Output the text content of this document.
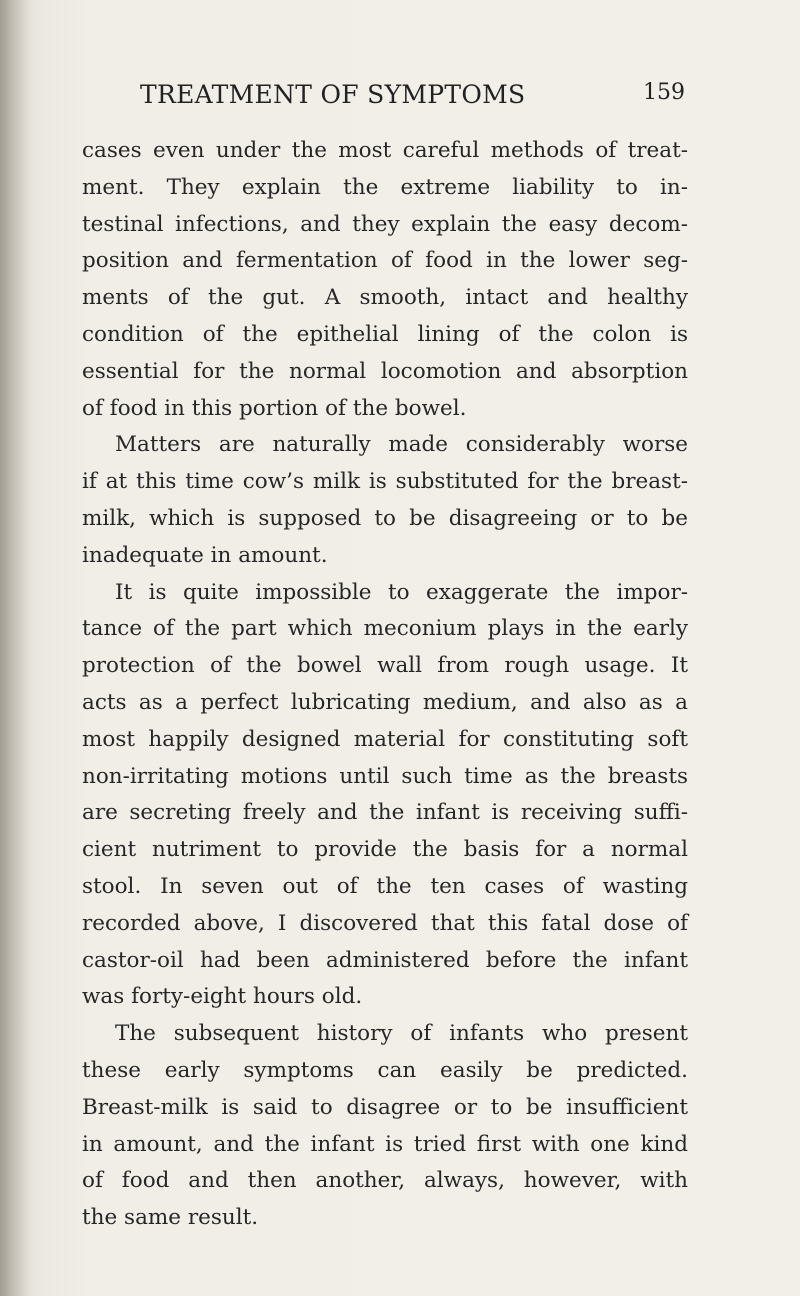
TREATMENT OF SYMPTOMS	159
cases even under the most careful methods of treat-
ment. They explain the extreme liability to in-
testinal infections, and they explain the easy decom-
position and fermentation of food in the lower seg-
ments of the gut. A smooth, intact and healthy
condition of the epithelial lining of the colon is
essential for the normal locomotion and absorption
of food in this portion of the bowel.
Matters are naturally made considerably worse
if at this time cow’s milk is substituted for the breast-
milk, which is supposed to be disagreeing or to be
inadequate in amount.
It is quite impossible to exaggerate the impor-
tance of the part which meconium plays in the early
protection of the bowel wall from rough usage. It
acts as a perfect lubricating medium, and also as a
most happily designed material for constituting soft
non-irritating motions until such time as the breasts
are secreting freely and the infant is receiving suffi-
cient nutriment to provide the basis for a normal
stool. In seven out of the ten cases of wasting
recorded above, I discovered that this fatal dose of
castor-oil had been administered before the infant
was forty-eight hours old.
The subsequent history of infants who present
these early symptoms can easily be predicted.
Breast-milk is said to disagree or to be insufficient
in amount, and the infant is tried first with one kind
of food and then another, always, however, with
the same result.
